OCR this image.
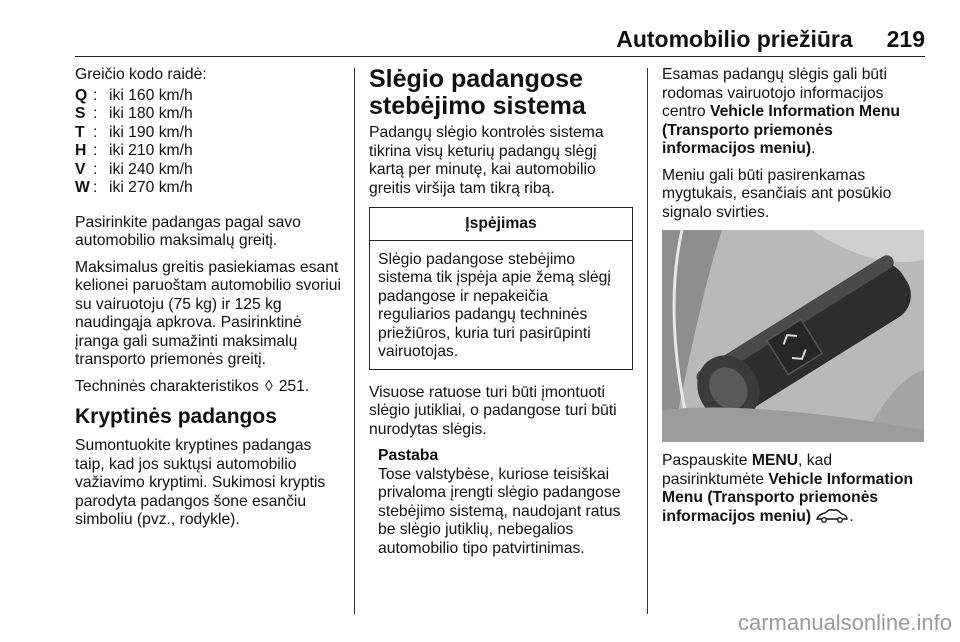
Automobilio priežiūra 219

Greičio kodo raidė:

Q : iki 160 km/h
S : iki 180 km/h
T : iki 190 km/h
H : iki 210 km/h
V : iki 240 km/h
W : iki 270 km/h

Pasirinkite padangas pagal savo automobilio maksimalų greitį.

Maksimalus greitis pasiekiamas esant kelionei paruoštam automobilio svoriui su vairuotoju (75 kg) ir 125 kg naudingąja apkrova. Pasirinktinė įranga gali sumažinti maksimalų transporto priemonės greitį.

Techninės charakteristikos ◊ 251.

Kryptinės padangos

Sumontuokite kryptines padangas taip, kad jos suktųsi automobilio važiavimo kryptimi. Sukimosi kryptis parodyta padangos šone esančiu simboliu (pvz., rodykle).

Slėgio padangose stebėjimo sistema

Padangų slėgio kontrolės sistema tikrina visų keturių padangų slėgį kartą per minutę, kai automobilio greitis viršija tam tikrą ribą.

Įspėjimas
Slėgio padangose stebėjimo sistema tik įspėja apie žemą slėgį padangose ir nepakeičia reguliarios padangų techninės priežiūros, kuria turi pasirūpinti vairuotojas.

Visuose ratuose turi būti įmontuoti slėgio jutikliai, o padangose turi būti nurodytas slėgis.

Pastaba
Tose valstybėse, kuriose teisiškai privaloma įrengti slėgio padangose stebėjimo sistemą, naudojant ratus be slėgio jutiklių, nebegalios automobilio tipo patvirtinimas.

Esamas padangų slėgis gali būti rodomas vairuotojo informacijos centro Vehicle Information Menu (Transporto priemonės informacijos meniu).

Meniu gali būti pasirenkamas mygtukais, esančiais ant posūkio signalo svirties.

Paspauskite MENU, kad pasirinktumėte Vehicle Information Menu (Transporto priemonės informacijos meniu) .

carmanualsonline.info
